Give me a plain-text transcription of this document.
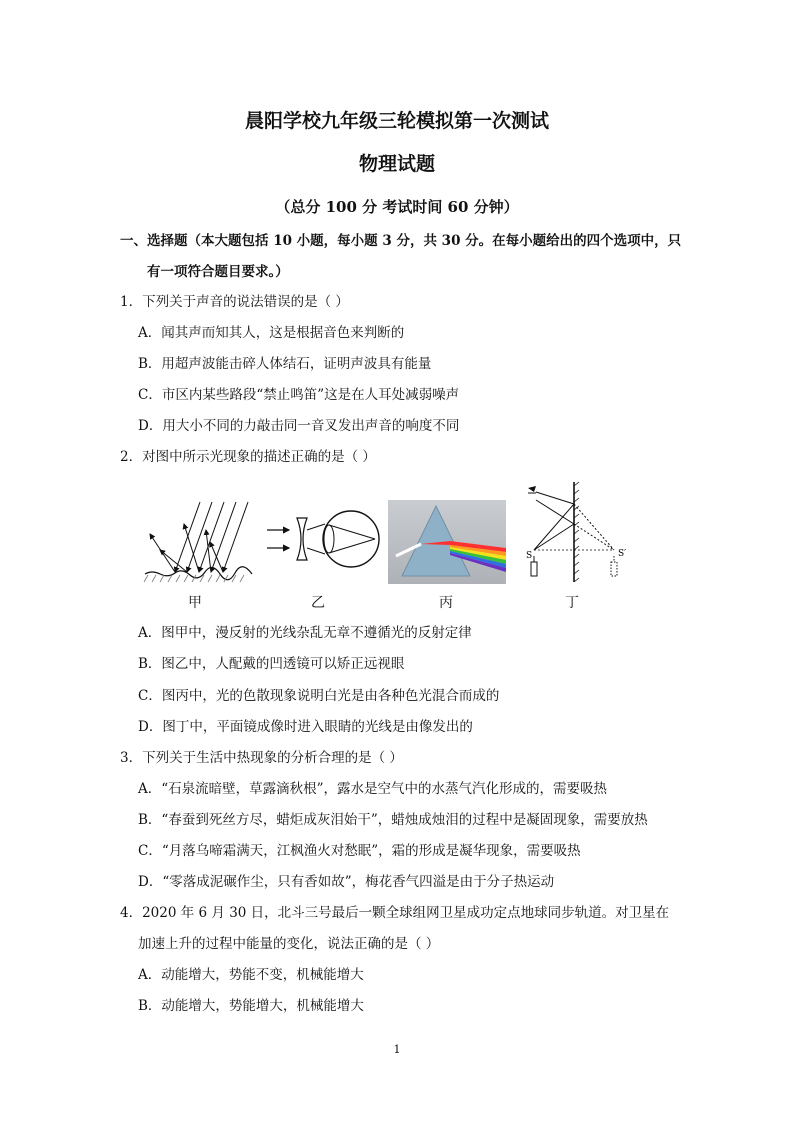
晨阳学校九年级三轮模拟第一次测试
物理试题
（总分 100 分 考试时间 60 分钟）
一、选择题（本大题包括 10 小题，每小题 3 分，共 30 分。在每小题给出的四个选项中，只
有一项符合题目要求。）
1．下列关于声音的说法错误的是（ ）
A．闻其声而知其人，这是根据音色来判断的
B．用超声波能击碎人体结石，证明声波具有能量
C．市区内某些路段“禁止鸣笛”这是在人耳处减弱噪声
D．用大小不同的力敲击同一音叉发出声音的响度不同
2．对图中所示光现象的描述正确的是（ ）
S	S′
甲	乙	丙	丁
A．图甲中，漫反射的光线杂乱无章不遵循光的反射定律
B．图乙中，人配戴的凹透镜可以矫正远视眼
C．图丙中，光的色散现象说明白光是由各种色光混合而成的
D．图丁中，平面镜成像时进入眼睛的光线是由像发出的
3．下列关于生活中热现象的分析合理的是（ ）
A．“石泉流暗壁，草露滴秋根”，露水是空气中的水蒸气汽化形成的，需要吸热
B．“春蚕到死丝方尽，蜡炬成灰泪始干”，蜡烛成烛泪的过程中是凝固现象，需要放热
C．“月落乌啼霜满天，江枫渔火对愁眠”，霜的形成是凝华现象，需要吸热
D．“零落成泥碾作尘，只有香如故”，梅花香气四溢是由于分子热运动
4．2020 年 6 月 30 日，北斗三号最后一颗全球组网卫星成功定点地球同步轨道。对卫星在
加速上升的过程中能量的变化，说法正确的是（ ）
A．动能增大，势能不变，机械能增大
B．动能增大，势能增大，机械能增大
1
